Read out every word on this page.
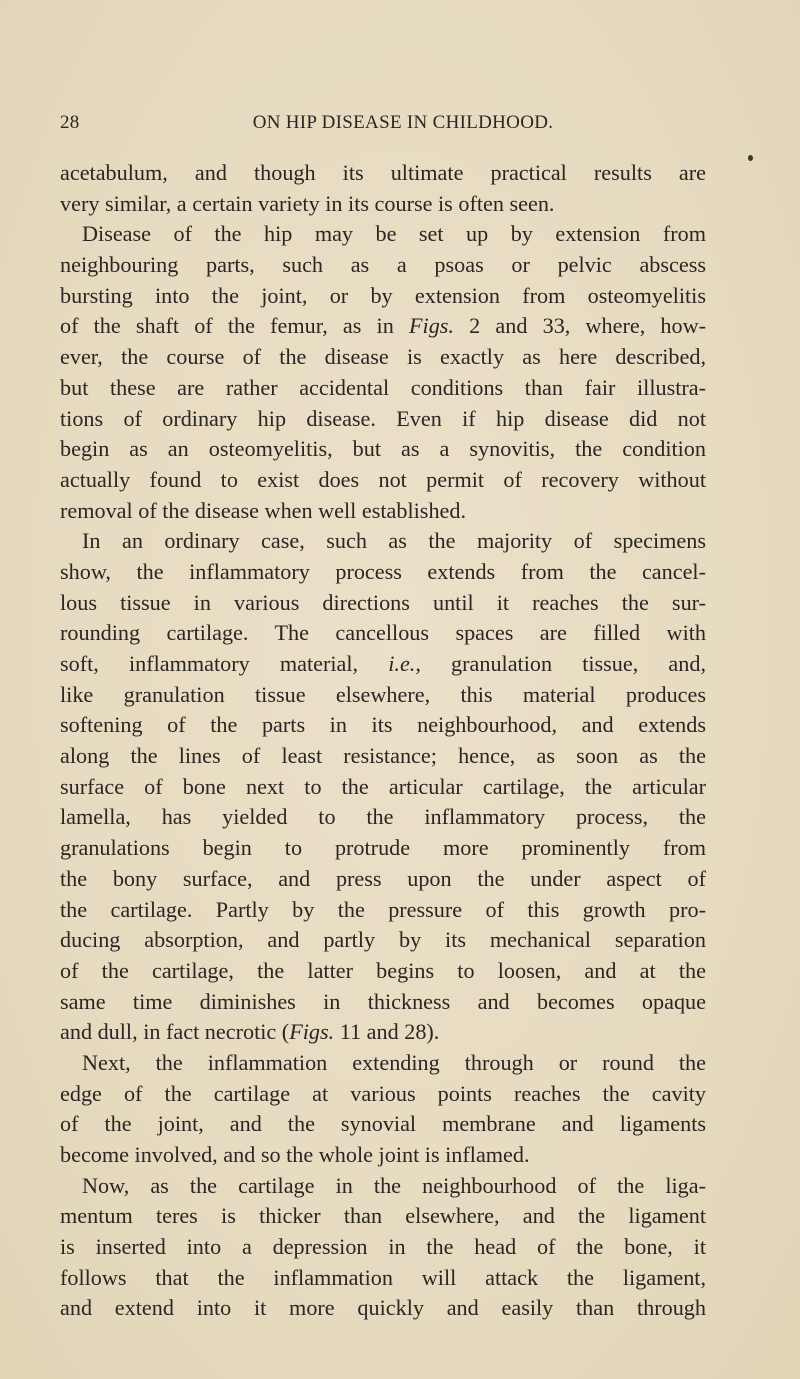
28	ON HIP DISEASE IN CHILDHOOD.
acetabulum, and though its ultimate practical results are
very similar, a certain variety in its course is often seen.
Disease of the hip may be set up by extension from
neighbouring parts, such as a psoas or pelvic abscess
bursting into the joint, or by extension from osteomyelitis
of the shaft of the femur, as in Figs. 2 and 33, where, how-
ever, the course of the disease is exactly as here described,
but these are rather accidental conditions than fair illustra-
tions of ordinary hip disease. Even if hip disease did not
begin as an osteomyelitis, but as a synovitis, the condition
actually found to exist does not permit of recovery without
removal of the disease when well established.
In an ordinary case, such as the majority of specimens
show, the inflammatory process extends from the cancel-
lous tissue in various directions until it reaches the sur-
rounding cartilage. The cancellous spaces are filled with
soft, inflammatory material, i.e., granulation tissue, and,
like granulation tissue elsewhere, this material produces
softening of the parts in its neighbourhood, and extends
along the lines of least resistance; hence, as soon as the
surface of bone next to the articular cartilage, the articular
lamella, has yielded to the inflammatory process, the
granulations begin to protrude more prominently from
the bony surface, and press upon the under aspect of
the cartilage. Partly by the pressure of this growth pro-
ducing absorption, and partly by its mechanical separation
of the cartilage, the latter begins to loosen, and at the
same time diminishes in thickness and becomes opaque
and dull, in fact necrotic (Figs. 11 and 28).
Next, the inflammation extending through or round the
edge of the cartilage at various points reaches the cavity
of the joint, and the synovial membrane and ligaments
become involved, and so the whole joint is inflamed.
Now, as the cartilage in the neighbourhood of the liga-
mentum teres is thicker than elsewhere, and the ligament
is inserted into a depression in the head of the bone, it
follows that the inflammation will attack the ligament,
and extend into it more quickly and easily than through
